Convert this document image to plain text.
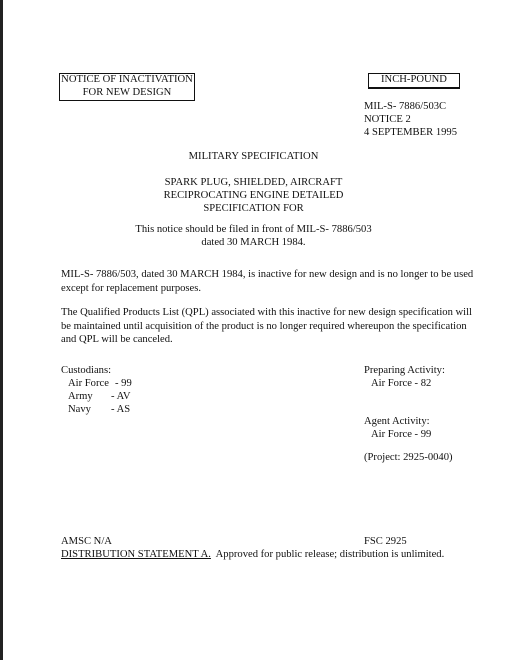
NOTICE OF INACTIVATION
FOR NEW DESIGN
INCH-POUND
MIL-S- 7886/503C
NOTICE 2
4 SEPTEMBER 1995
MILITARY SPECIFICATION
SPARK PLUG, SHIELDED, AIRCRAFT
RECIPROCATING ENGINE DETAILED
SPECIFICATION FOR
This notice should be filed in front of MIL-S- 7886/503
dated 30 MARCH 1984.
MIL-S- 7886/503, dated 30 MARCH 1984, is inactive for new design and is no longer to be used except for replacement purposes.
The Qualified Products List (QPL) associated with this inactive for new design specification will be maintained until acquisition of the product is no longer required whereupon the specification and QPL will be canceled.
Custodians:
Air Force - 99
Army - AV
Navy - AS
Preparing Activity:
Air Force - 82
Agent Activity:
Air Force - 99
(Project: 2925-0040)
AMSC N/A	FSC 2925
DISTRIBUTION STATEMENT A.  Approved for public release; distribution is unlimited.
